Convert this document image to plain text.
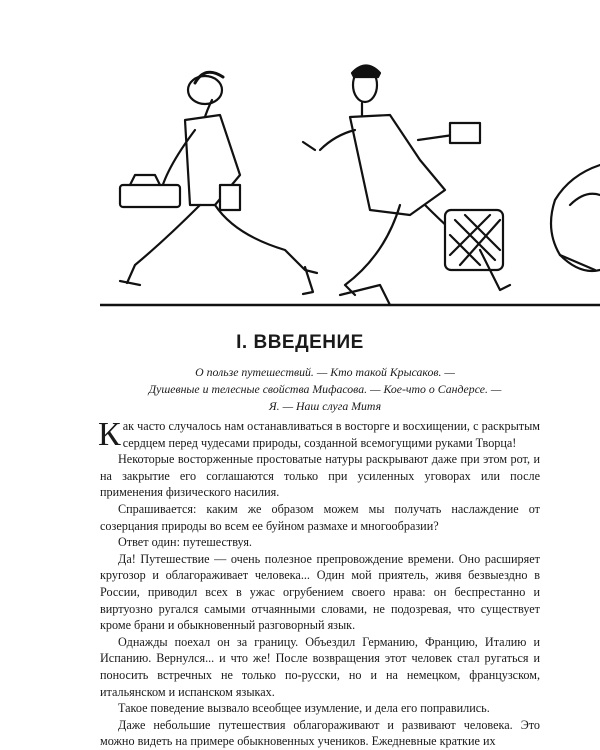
I. ВВЕДЕНИЕ
О пользе путешествий. — Кто такой Крысаков. —
Душевные и телесные свойства Мифасова. — Кое-что о Сандерсе. —
Я. — Наш слуга Митя

Как часто случалось нам останавливаться в восторге и восхищении, с раскрытым сердцем перед чудесами природы, созданной всемогущими руками Творца!

Некоторые восторженные простоватые натуры раскрывают даже при этом рот, и на закрытие его соглашаются только при усиленных уговорах или после применения физического насилия.

Спрашивается: каким же образом можем мы получать наслаждение от созерцания природы во всем ее буйном размахе и многообразии?

Ответ один: путешествуя.

Да! Путешествие — очень полезное препровождение времени. Оно расширяет кругозор и облагораживает человека... Один мой приятель, живя безвыездно в России, приводил всех в ужас огрубением своего нрава: он беспрестанно и виртуозно ругался самыми отчаянными словами, не подозревая, что существует кроме брани и обыкновенный разговорный язык.

Однажды поехал он за границу. Объездил Германию, Францию, Италию и Испанию. Вернулся... и что же! После возвращения этот человек стал ругаться и поносить встречных не только по-русски, но и на немецком, французском, итальянском и испанском языках.

Такое поведение вызвало всеобщее изумление, и дела его поправились.

Даже небольшие путешествия облагораживают и развивают человека. Это можно видеть на примере обыкновенных учеников. Ежедневные краткие их
